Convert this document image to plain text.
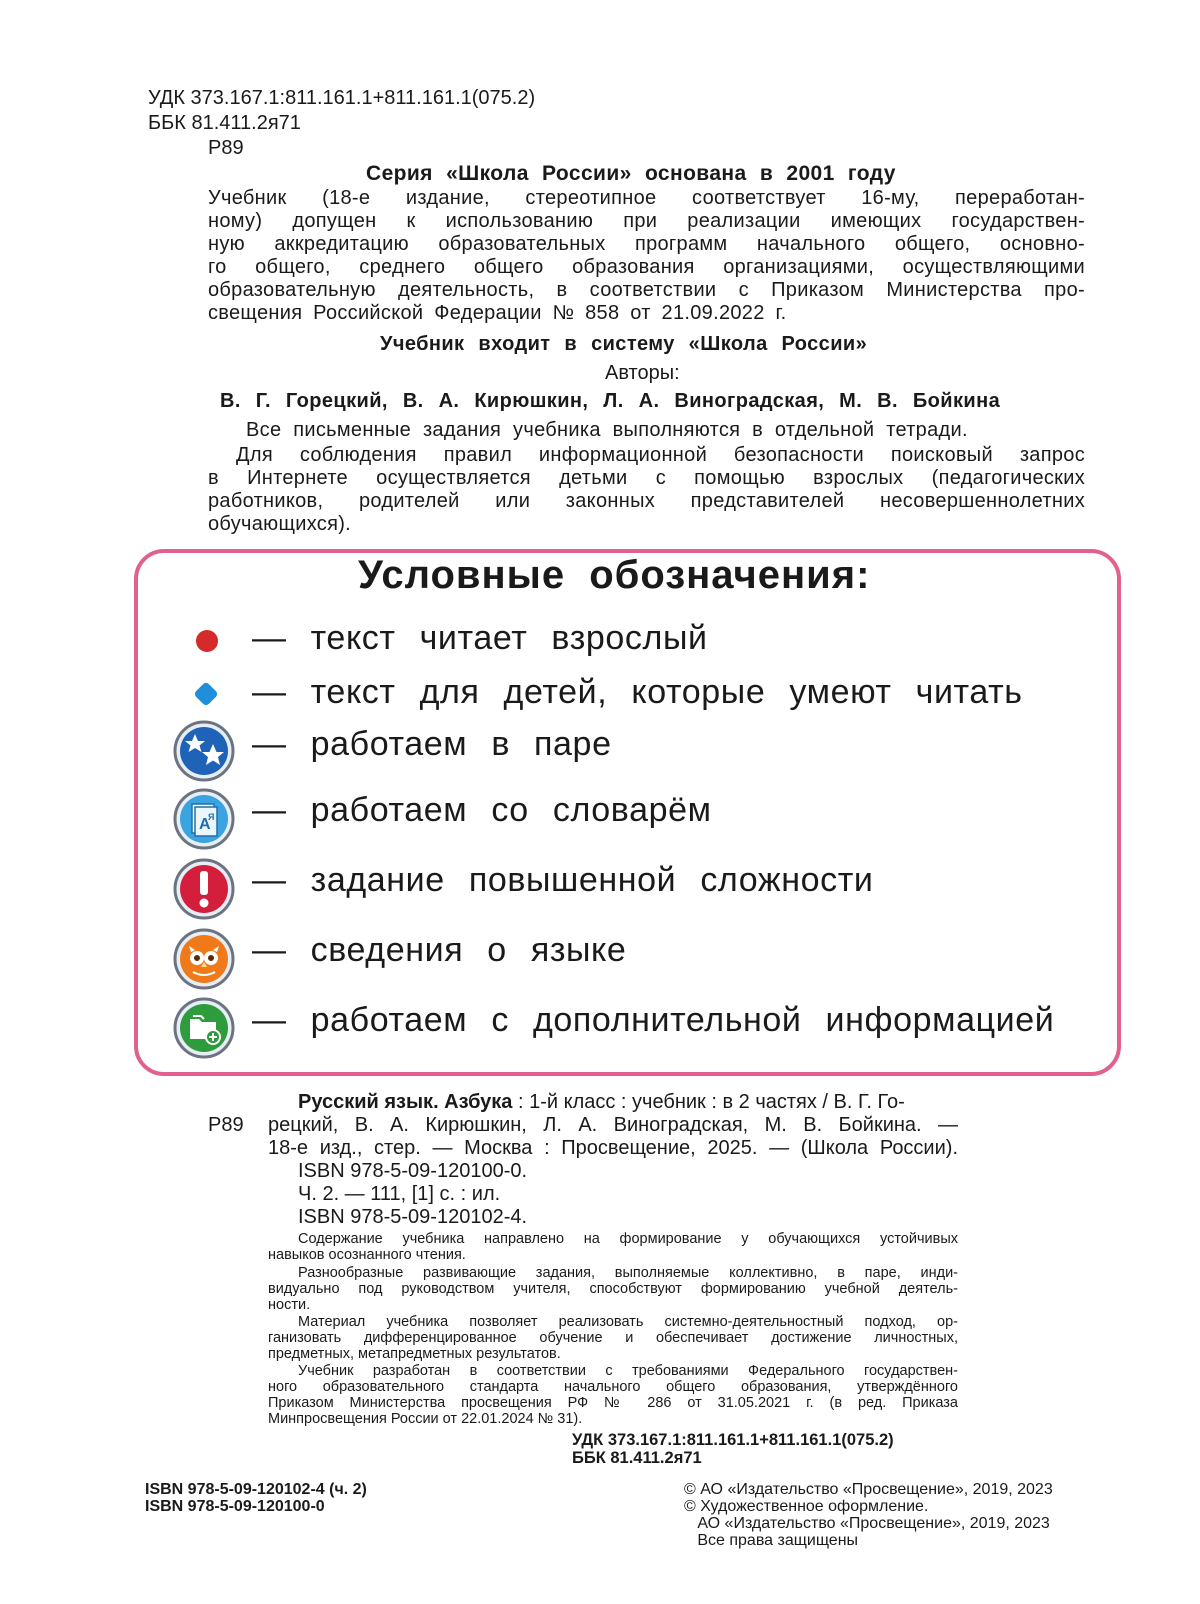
УДК 373.167.1:811.161.1+811.161.1(075.2)
ББК 81.411.2я71
Р89
Серия «Школа России» основана в 2001 году
Учебник (18-е издание, стереотипное соответствует 16-му, переработан-
ному) допущен к использованию при реализации имеющих государствен-
ную аккредитацию образовательных программ начального общего, основно-
го общего, среднего общего образования организациями, осуществляющими
образовательную деятельность, в соответствии с Приказом Министерства про-
свещения Российской Федерации № 858 от 21.09.2022 г.
Учебник входит в систему «Школа России»
Авторы:
В. Г. Горецкий, В. А. Кирюшкин, Л. А. Виноградская, М. В. Бойкина
Все письменные задания учебника выполняются в отдельной тетради.
Для соблюдения правил информационной безопасности поисковый запрос
в Интернете осуществляется детьми с помощью взрослых (педагогических
работников, родителей или законных представителей несовершеннолетних
обучающихся).
Условные обозначения:
— текст читает взрослый
— текст для детей, которые умеют читать
— работаем в паре
A
Я — работаем со словарём
— задание повышенной сложности
— сведения о языке
— работаем с дополнительной информацией
Русский язык. Азбука : 1-й класс : учебник : в 2 частях / В. Г. Го-
Р89 рецкий, В. А. Кирюшкин, Л. А. Виноградская, М. В. Бойкина. —
18-е изд., стер. — Москва : Просвещение, 2025. — (Школа России).
ISBN 978-5-09-120100-0.
Ч. 2. — 111, [1] с. : ил.
ISBN 978-5-09-120102-4.
Содержание учебника направлено на формирование у обучающихся устойчивых
навыков осознанного чтения.
Разнообразные развивающие задания, выполняемые коллективно, в паре, инди-
видуально под руководством учителя, способствуют формированию учебной деятель-
ности.
Материал учебника позволяет реализовать системно-деятельностный подход, ор-
ганизовать дифференцированное обучение и обеспечивает достижение личностных,
предметных, метапредметных результатов.
Учебник разработан в соответствии с требованиями Федерального государствен-
ного образовательного стандарта начального общего образования, утверждённого
Приказом Министерства просвещения РФ № 286 от 31.05.2021 г. (в ред. Приказа
Минпросвещения России от 22.01.2024 № 31).
УДК 373.167.1:811.161.1+811.161.1(075.2)
ББК 81.411.2я71
ISBN 978-5-09-120102-4 (ч. 2)
ISBN 978-5-09-120100-0
© АО «Издательство «Просвещение», 2019, 2023
© Художественное оформление.
АО «Издательство «Просвещение», 2019, 2023
Все права защищены
